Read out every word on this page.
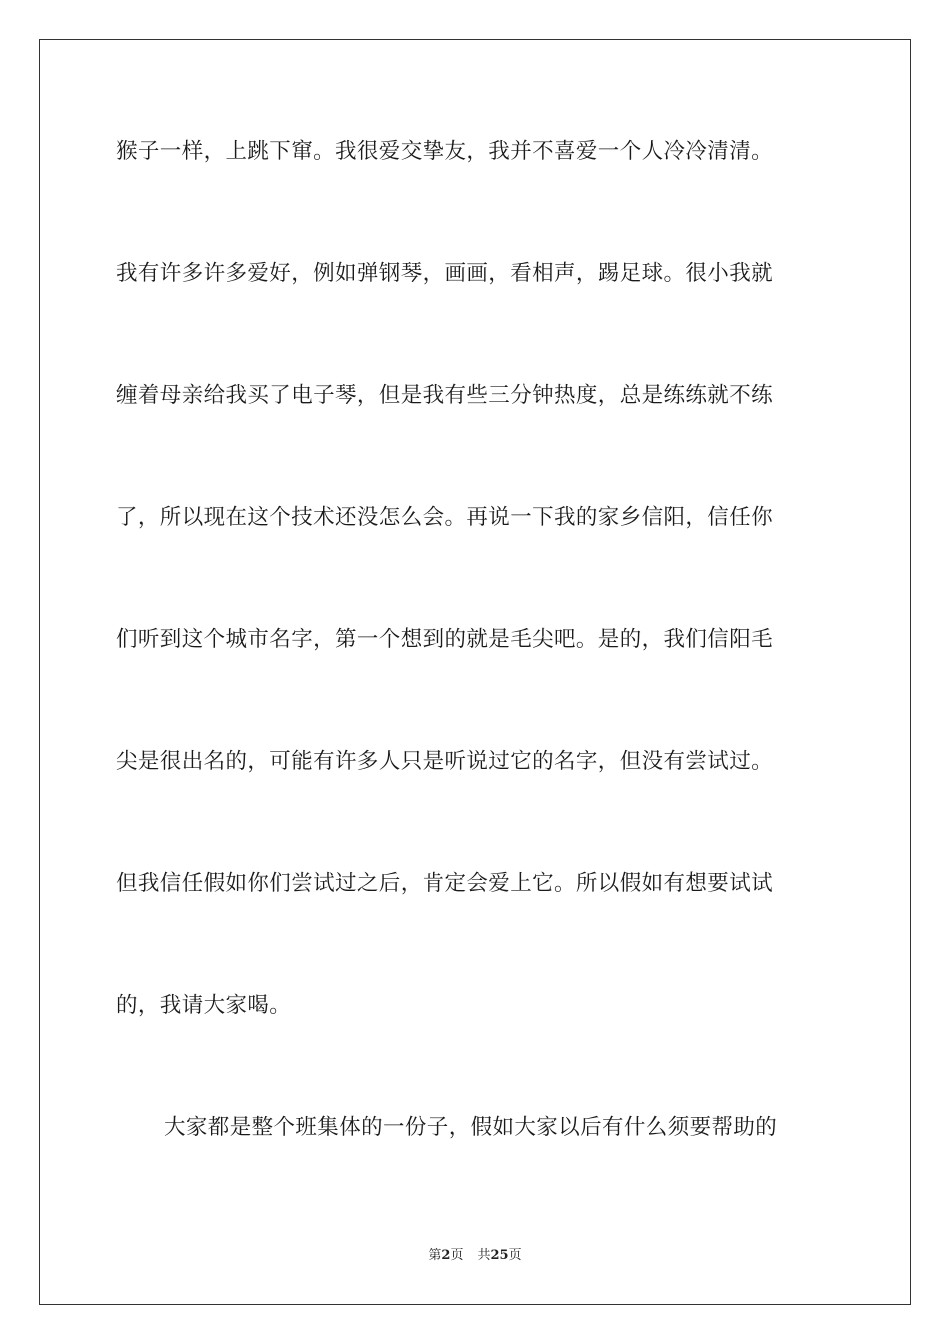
猴子一样，上跳下窜。我很爱交挚友，我并不喜爱一个人冷冷清清。
我有许多许多爱好，例如弹钢琴，画画，看相声，踢足球。很小我就
缠着母亲给我买了电子琴，但是我有些三分钟热度，总是练练就不练
了，所以现在这个技术还没怎么会。再说一下我的家乡信阳，信任你
们听到这个城市名字，第一个想到的就是毛尖吧。是的，我们信阳毛
尖是很出名的，可能有许多人只是听说过它的名字，但没有尝试过。
但我信任假如你们尝试过之后，肯定会爱上它。所以假如有想要试试
的，我请大家喝。
大家都是整个班集体的一份子，假如大家以后有什么须要帮助的
第2页 共25页
